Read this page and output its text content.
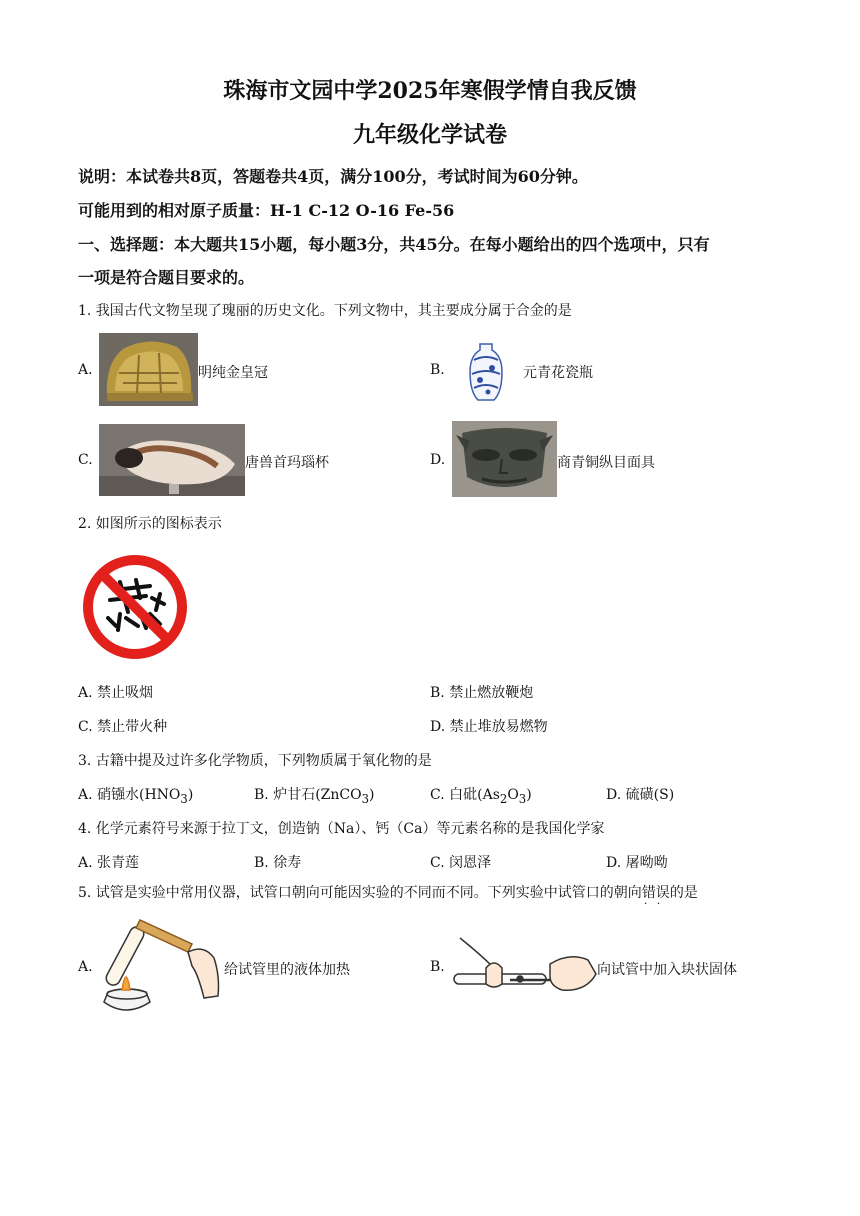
珠海市文园中学2025年寒假学情自我反馈
九年级化学试卷
说明：本试卷共8页，答题卷共4页，满分100分，考试时间为60分钟。
可能用到的相对原子质量：H-1 C-12 O-16 Fe-56
一、选择题：本大题共15小题，每小题3分，共45分。在每小题给出的四个选项中，只有
一项是符合题目要求的。
1. 我国古代文物呈现了瑰丽的历史文化。下列文物中，其主要成分属于合金的是
A.	明纯金皇冠	B.	元青花瓷瓶
C.	唐兽首玛瑙杯	D.	商青铜纵目面具
2. 如图所示的图标表示
A. 禁止吸烟	B. 禁止燃放鞭炮
C. 禁止带火种	D. 禁止堆放易燃物
3. 古籍中提及过许多化学物质，下列物质属于氧化物的是
A. 硝镪水$(HNO_3)$	B. 炉甘石(ZnCO$_3$)	C. 白砒$(As_2O_3)$	D. 硫磺(S)
4. 化学元素符号来源于拉丁文，创造钠（Na）、钙（Ca）等元素名称的是我国化学家
A. 张青莲	B. 徐寿	C. 闵恩泽	D. 屠呦呦
5. 试管是实验中常用仪器，试管口朝向可能因实验的不同而不同。下列实验中试管口的朝向错误 · ·的是
A.	给试管里的液体加热	B.	向试管中加入块状固体
